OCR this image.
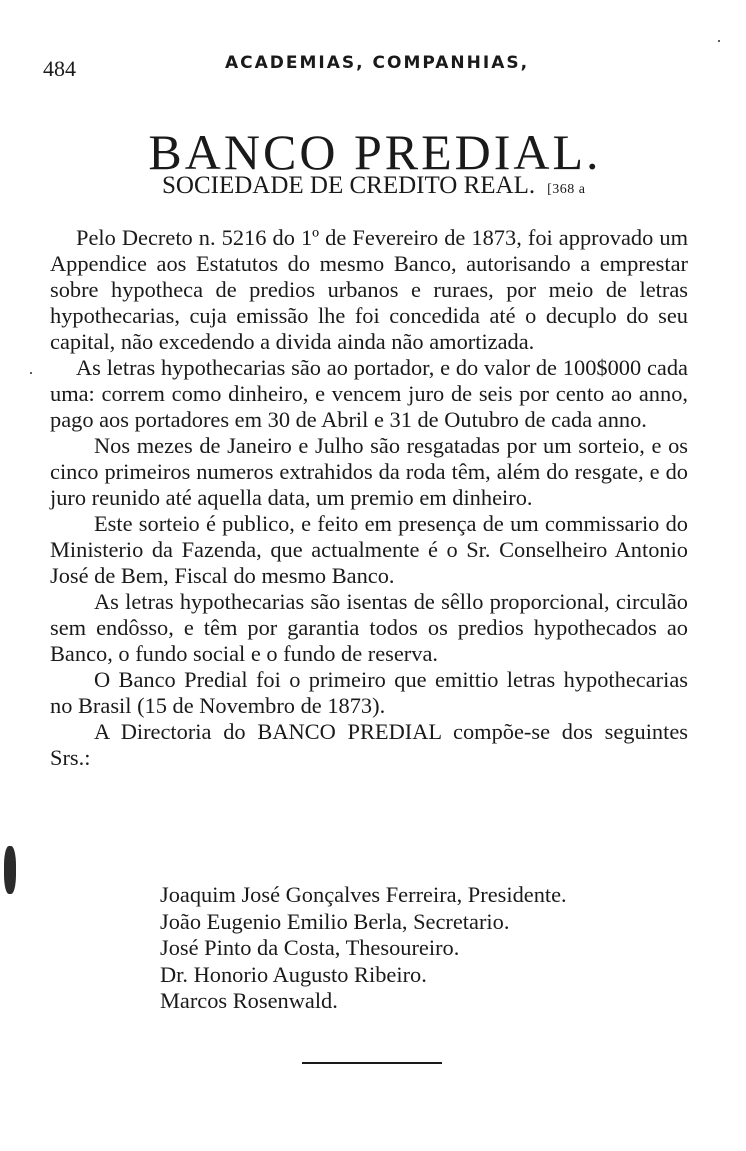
484	ACADEMIAS, COMPANHIAS,
BANCO PREDIAL.
SOCIEDADE DE CREDITO REAL. [368 a

Pelo Decreto n. 5216 do 1º de Fevereiro de 1873, foi approvado um Appendice aos Estatutos do mesmo Banco, autorisando a emprestar sobre hypotheca de predios urbanos e ruraes, por meio de letras hypothecarias, cuja emissão lhe foi concedida até o decuplo do seu capital, não excedendo a divida ainda não amortizada.

As letras hypothecarias são ao portador, e do valor de 100$000 cada uma: correm como dinheiro, e vencem juro de seis por cento ao anno, pago aos portadores em 30 de Abril e 31 de Outubro de cada anno.

Nos mezes de Janeiro e Julho são resgatadas por um sorteio, e os cinco primeiros numeros extrahidos da roda têm, além do resgate, e do juro reunido até aquella data, um premio em dinheiro.

Este sorteio é publico, e feito em presença de um commissario do Ministerio da Fazenda, que actualmente é o Sr. Conselheiro Antonio José de Bem, Fiscal do mesmo Banco.

As letras hypothecarias são isentas de sêllo proporcional, circulão sem endôsso, e têm por garantia todos os predios hypothecados ao Banco, o fundo social e o fundo de reserva.

O Banco Predial foi o primeiro que emittio letras hypothecarias no Brasil (15 de Novembro de 1873).

A Directoria do BANCO PREDIAL compõe-se dos seguintes Srs.:

Joaquim José Gonçalves Ferreira, Presidente.
João Eugenio Emilio Berla, Secretario.
José Pinto da Costa, Thesoureiro.
Dr. Honorio Augusto Ribeiro.
Marcos Rosenwald.
